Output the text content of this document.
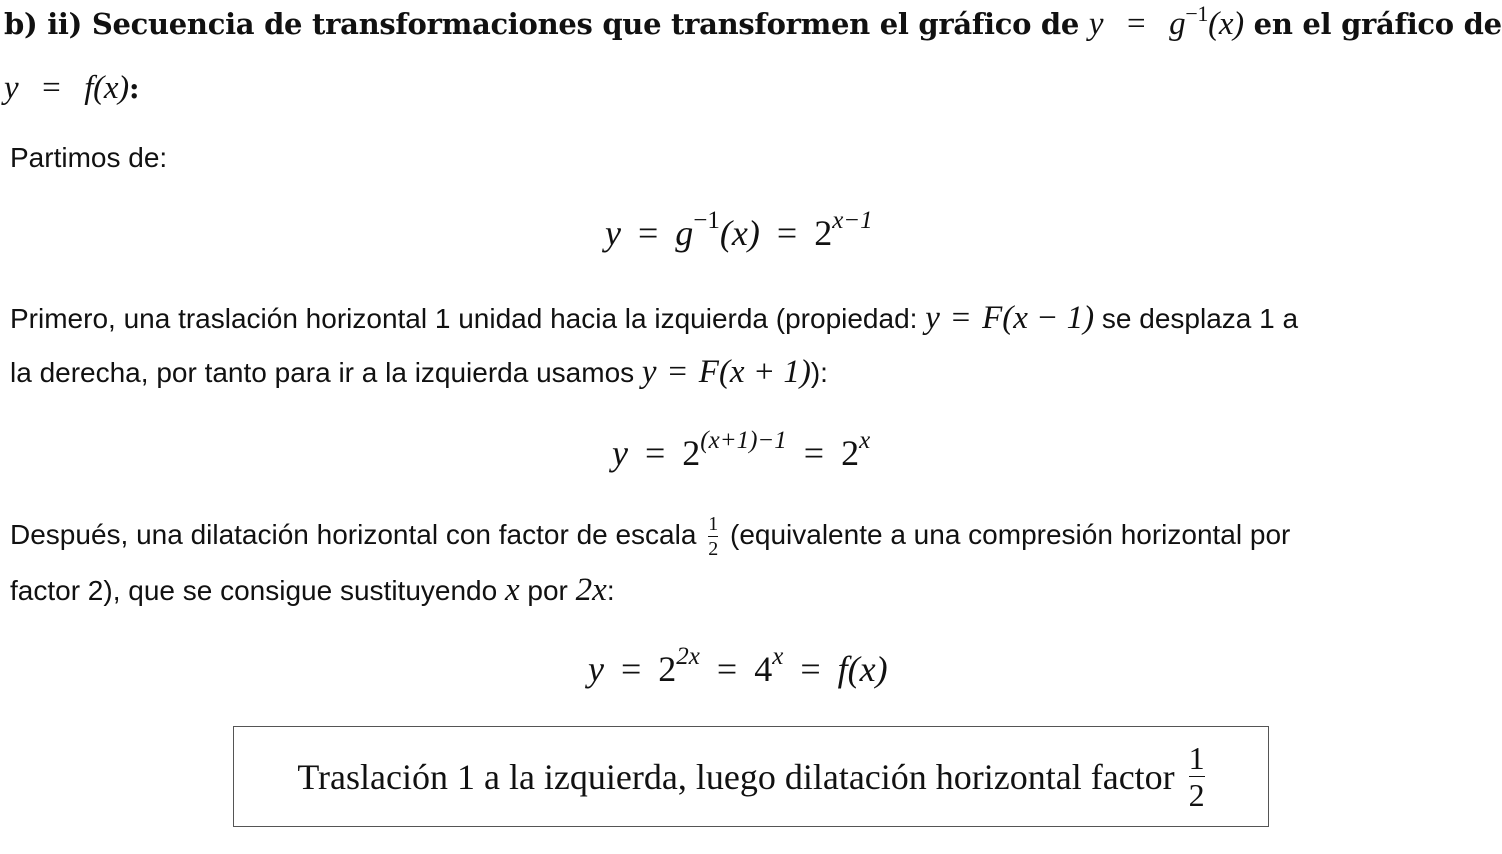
b) ii) Secuencia de transformaciones que transformen el gráfico de $y = g^{-1}(x)$ en el gráfico de
y = f(x):
Partimos de:
$y = g^{-1}(x) = 2^{x-1}$
Primero, una traslación horizontal 1 unidad hacia la izquierda (propiedad: y = F(x − 1) se desplaza 1 a
la derecha, por tanto para ir a la izquierda usamos y = F(x + 1)):
$y = 2^{(x+1)-1} = 2^x$
Después, una dilatación horizontal con factor de escala $\frac{1}{2}$ (equivalente a una compresión horizontal por
factor 2), que se consigue sustituyendo x por 2x:
$y = 2^{2x} = 4^x = f(x)$
Traslación 1 a la izquierda, luego dilatación horizontal factor $\frac{1}{2}$
